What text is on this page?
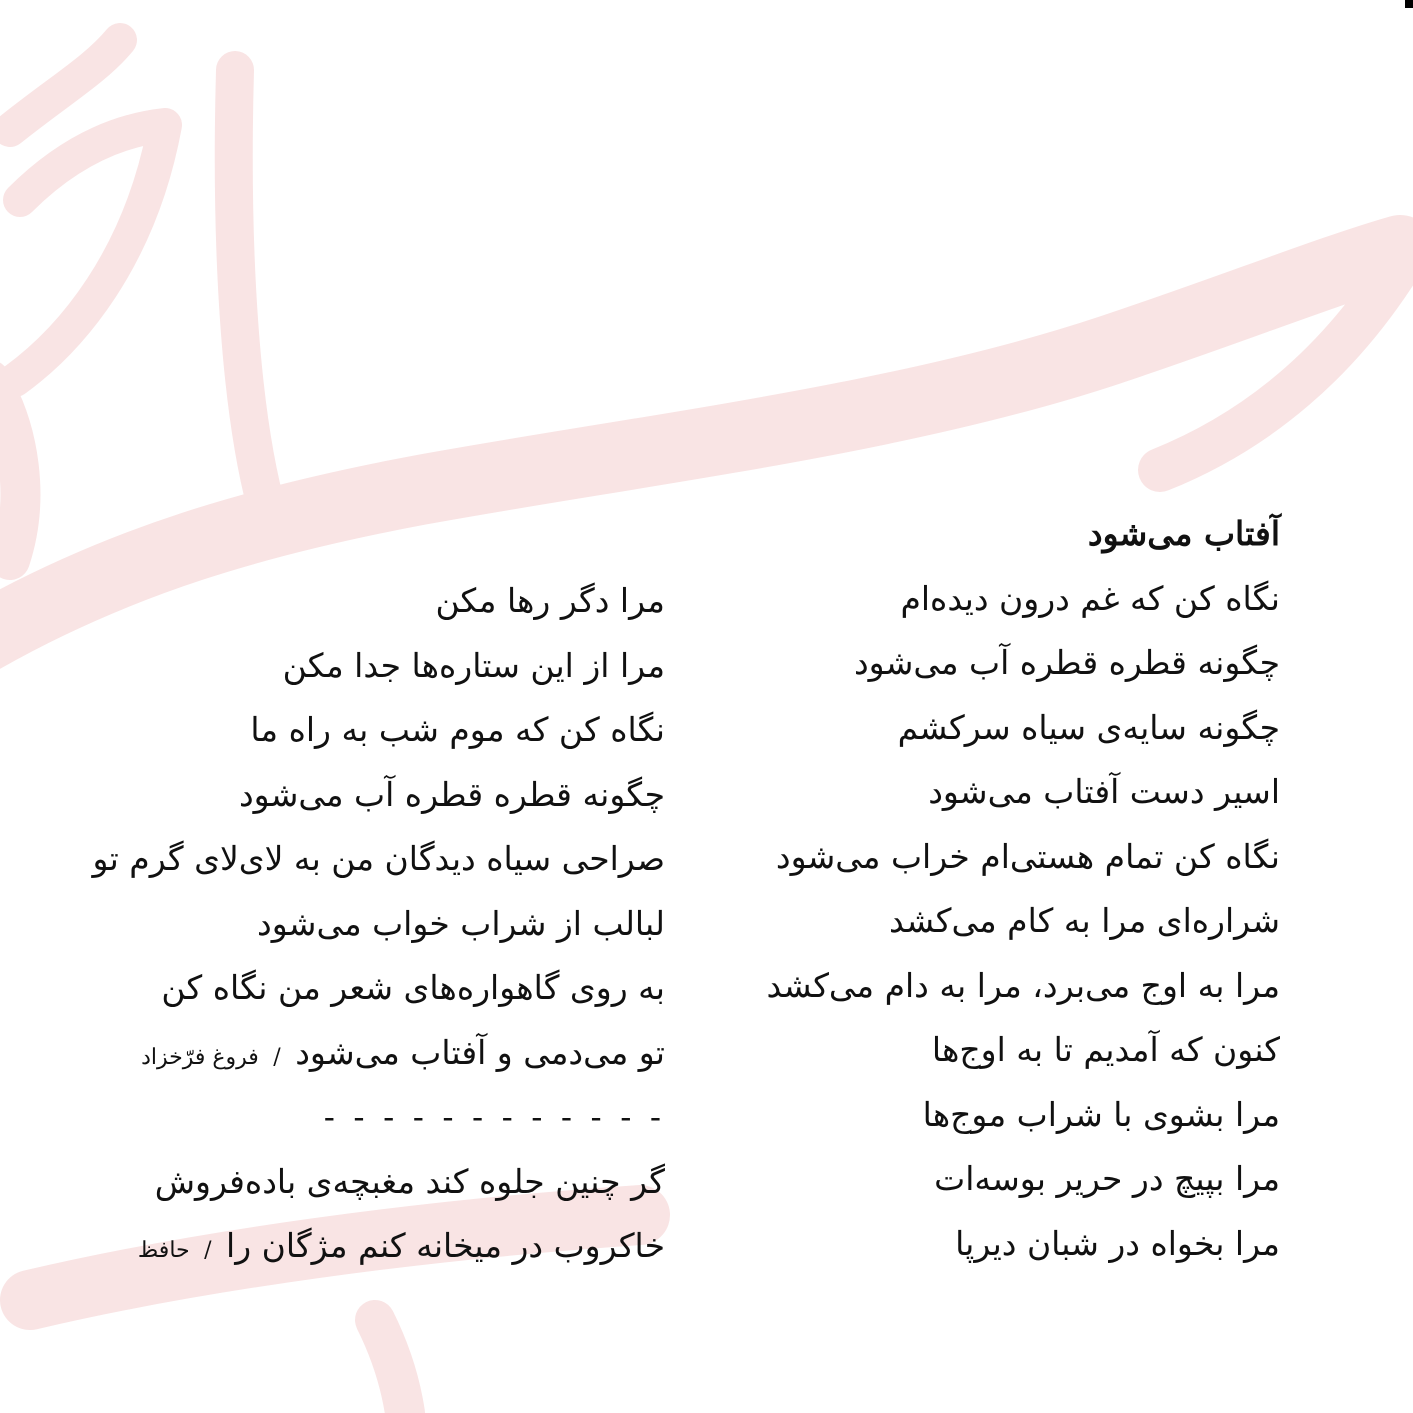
آفتاب می‌شود
نگاه کن که غم درون دیده‌ام
چگونه قطره قطره آب می‌شود
چگونه سایه‌ی سیاه سرکشم
اسیر دست آفتاب می‌شود
نگاه کن تمام هستی‌ام خراب می‌شود
شراره‌ای مرا به کام می‌کشد
مرا به اوج می‌برد، مرا به دام می‌کشد
کنون که آمدیم تا به اوج‌ها
مرا بشوی با شراب موج‌ها
مرا بپیچ در حریر بوسه‌ات
مرا بخواه در شبان دیرپا
مرا دگر رها مکن
مرا از این ستاره‌ها جدا مکن
نگاه کن که موم شب به راه ما
چگونه قطره قطره آب می‌شود
صراحی سیاه دیدگان من به لای‌لای گرم تو
لبالب از شراب خواب می‌شود
به روی گاهواره‌های شعر من نگاه کن
تو می‌دمی و آفتاب می‌شود / فروغ فرّخزاد
- - - - - - - - - - - -
گر چنین جلوه کند مغبچه‌ی باده‌فروش
خاکروب در میخانه کنم مژگان را / حافظ
